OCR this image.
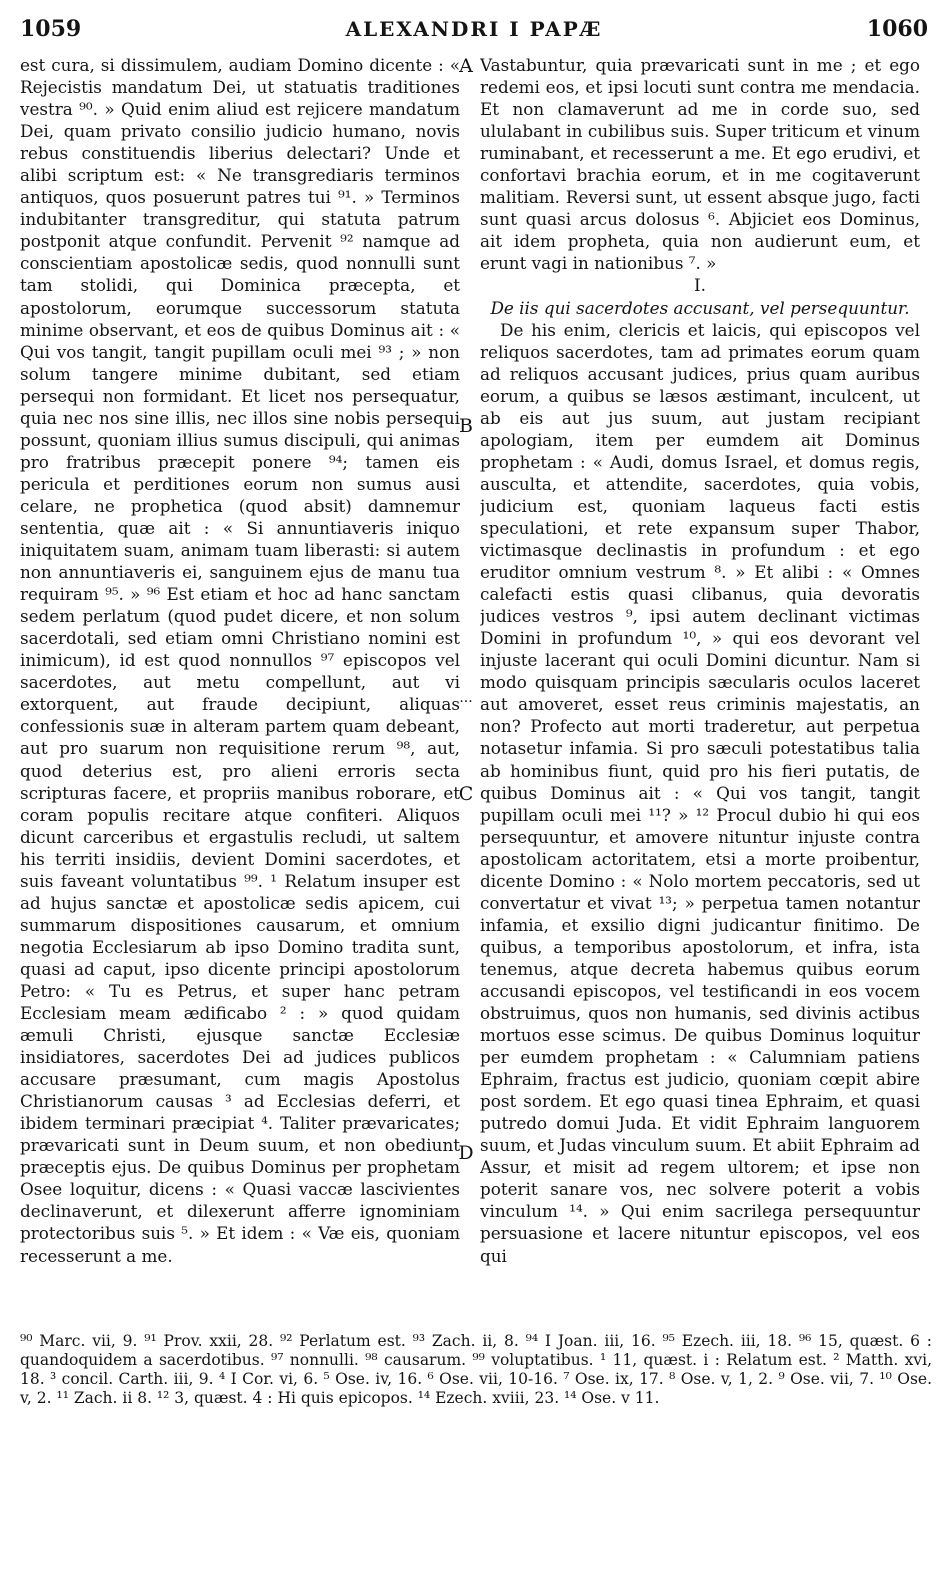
1059	ALEXANDRI I PAPÆ	1060

est cura, si dissimulem, audiam Domino dicente : « Rejecistis mandatum Dei, ut statuatis traditiones vestra ⁹⁰. » Quid enim aliud est rejicere mandatum Dei, quam privato consilio judicio humano, novis rebus constituendis liberius delectari? Unde et alibi scriptum est: « Ne transgrediaris terminos antiquos, quos posuerunt patres tui ⁹¹. » Terminos indubitanter transgreditur, qui statuta patrum postponit atque confundit. Pervenit ⁹² namque ad conscientiam apostolicæ sedis, quod nonnulli sunt tam stolidi, qui Dominica præcepta, et apostolorum, eorumque successorum statuta minime observant, et eos de quibus Dominus ait : « Qui vos tangit, tangit pupillam oculi mei ⁹³ ; » non solum tangere minime dubitant, sed etiam persequi non formidant. Et licet nos persequatur, quia nec nos sine illis, nec illos sine nobis persequi possunt, quoniam illius sumus discipuli, qui animas pro fratribus præcepit ponere ⁹⁴; tamen eis pericula et perditiones eorum non sumus ausi celare, ne prophetica (quod absit) damnemur sententia, quæ ait : « Si annuntiaveris iniquo iniquitatem suam, animam tuam liberasti: si autem non annuntiaveris ei, sanguinem ejus de manu tua requiram ⁹⁵. » ⁹⁶ Est etiam et hoc ad hanc sanctam sedem perlatum (quod pudet dicere, et non solum sacerdotali, sed etiam omni Christiano nomini est inimicum), id est quod nonnullos ⁹⁷ episcopos vel sacerdotes, aut metu compellunt, aut vi extorquent, aut fraude decipiunt, aliquas confessionis suæ in alteram partem quam debeant, aut pro suarum non requisitione rerum ⁹⁸, aut, quod deterius est, pro alieni erroris secta scripturas facere, et propriis manibus roborare, et coram populis recitare atque confiteri. Aliquos dicunt carceribus et ergastulis recludi, ut saltem his territi insidiis, devient Domini sacerdotes, et suis faveant voluntatibus ⁹⁹. ¹ Relatum insuper est ad hujus sanctæ et apostolicæ sedis apicem, cui summarum dispositiones causarum, et omnium negotia Ecclesiarum ab ipso Domino tradita sunt, quasi ad caput, ipso dicente principi apostolorum Petro: « Tu es Petrus, et super hanc petram Ecclesiam meam ædificabo ² : » quod quidam æmuli Christi, ejusque sanctæ Ecclesiæ insidiatores, sacerdotes Dei ad judices publicos accusare præsumant, cum magis Apostolus Christianorum causas ³ ad Ecclesias deferri, et ibidem terminari præcipiat ⁴. Taliter prævaricates; prævaricati sunt in Deum suum, et non obediunt præceptis ejus. De quibus Dominus per prophetam Osee loquitur, dicens : « Quasi vaccæ lascivientes declinaverunt, et dilexerunt afferre ignominiam protectoribus suis ⁵. » Et idem : « Væ eis, quoniam recesserunt a me.

A
B
...
C
D

Vastabuntur, quia prævaricati sunt in me ; et ego redemi eos, et ipsi locuti sunt contra me mendacia. Et non clamaverunt ad me in corde suo, sed ululabant in cubilibus suis. Super triticum et vinum ruminabant, et recesserunt a me. Et ego erudivi, et confortavi brachia eorum, et in me cogitaverunt malitiam. Reversi sunt, ut essent absque jugo, facti sunt quasi arcus dolosus ⁶. Abjiciet eos Dominus, ait idem propheta, quia non audierunt eum, et erunt vagi in nationibus ⁷. »

I.
De iis qui sacerdotes accusant, vel persequuntur.

De his enim, clericis et laicis, qui episcopos vel reliquos sacerdotes, tam ad primates eorum quam ad reliquos accusant judices, prius quam auribus eorum, a quibus se læsos æstimant, inculcent, ut ab eis aut jus suum, aut justam recipiant apologiam, item per eumdem ait Dominus prophetam : « Audi, domus Israel, et domus regis, ausculta, et attendite, sacerdotes, quia vobis, judicium est, quoniam laqueus facti estis speculationi, et rete expansum super Thabor, victimasque declinastis in profundum : et ego eruditor omnium vestrum ⁸. » Et alibi : « Omnes calefacti estis quasi clibanus, quia devoratis judices vestros ⁹, ipsi autem declinant victimas Domini in profundum ¹⁰, » qui eos devorant vel injuste lacerant qui oculi Domini dicuntur. Nam si modo quisquam principis sæcularis oculos laceret aut amoveret, esset reus criminis majestatis, an non? Profecto aut morti traderetur, aut perpetua notasetur infamia. Si pro sæculi potestatibus talia ab hominibus fiunt, quid pro his fieri putatis, de quibus Dominus ait : « Qui vos tangit, tangit pupillam oculi mei ¹¹? » ¹² Procul dubio hi qui eos persequuntur, et amovere nituntur injuste contra apostolicam actoritatem, etsi a morte proibentur, dicente Domino : « Nolo mortem peccatoris, sed ut convertatur et vivat ¹³; » perpetua tamen notantur infamia, et exsilio digni judicantur finitimo. De quibus, a temporibus apostolorum, et infra, ista tenemus, atque decreta habemus quibus eorum accusandi episcopos, vel testificandi in eos vocem obstruimus, quos non humanis, sed divinis actibus mortuos esse scimus. De quibus Dominus loquitur per eumdem prophetam : « Calumniam patiens Ephraim, fractus est judicio, quoniam cœpit abire post sordem. Et ego quasi tinea Ephraim, et quasi putredo domui Juda. Et vidit Ephraim languorem suum, et Judas vinculum suum. Et abiit Ephraim ad Assur, et misit ad regem ultorem; et ipse non poterit sanare vos, nec solvere poterit a vobis vinculum ¹⁴. » Qui enim sacrilega persequuntur persuasione et lacere nituntur episcopos, vel eos qui

⁹⁰ Marc. vii, 9. ⁹¹ Prov. xxii, 28. ⁹² Perlatum est. ⁹³ Zach. ii, 8. ⁹⁴ I Joan. iii, 16. ⁹⁵ Ezech. iii, 18. ⁹⁶ 15, quæst. 6 : quandoquidem a sacerdotibus. ⁹⁷ nonnulli. ⁹⁸ causarum. ⁹⁹ voluptatibus. ¹ 11, quæst. i : Relatum est. ² Matth. xvi, 18. ³ concil. Carth. iii, 9. ⁴ I Cor. vi, 6. ⁵ Ose. iv, 16. ⁶ Ose. vii, 10-16. ⁷ Ose. ix, 17. ⁸ Ose. v, 1, 2. ⁹ Ose. vii, 7. ¹⁰ Ose. v, 2. ¹¹ Zach. ii 8. ¹² 3, quæst. 4 : Hi quis epicopos. ¹⁴ Ezech. xviii, 23. ¹⁴ Ose. v 11.
